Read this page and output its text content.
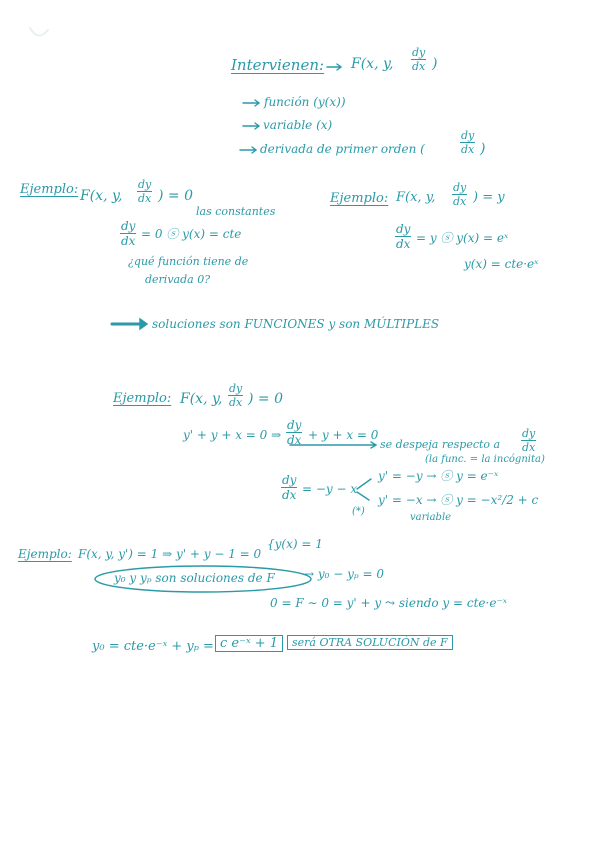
Intervienen: F(x, y, $\frac{dy}{dx}$ )
función (y(x))
variable (x)
derivada de primer orden (	$\frac{dy}{dx}$ )
Ejemplo: F(x, y, $\frac{dy}{dx}$ ) = 0
las constantes
$\frac{dy}{dx} = 0$ ⓢ y(x) = cte
¿qué función tiene de
derivada 0?
Ejemplo: F(x, y, $\frac{dy}{dx}$ ) = y
$\frac{dy}{dx} = y$ ⓢ y(x) = eˣ
y(x) = cte·eˣ
soluciones son FUNCIONES y son MÚLTIPLES
Ejemplo: F(x, y, $\frac{dy}{dx}$ ) = 0
y' + y + x = 0 ⇒ $\frac{dy}{dx} + y + x = 0$
se despeja respecto a $\frac{dy}{dx}$
(la func. = la incógnita)
$\frac{dy}{dx} = -y - x$
y' = −y → ⓢ y = e⁻ˣ
y' = −x → ⓢ y = −x²/2 + c
(*)
variable
Ejemplo: F(x, y, y') = 1 ⇒ y' + y − 1 = 0
{y(x) = 1
y₀ y yₚ son soluciones de F → y₀ − yₚ = 0
0 = F ∼ 0 = y' + y ⤳ siendo y = cte·e⁻ˣ
y₀ = cte·e⁻ˣ + yₚ = c e⁻ˣ + 1	será OTRA SOLUCIÓN de F
